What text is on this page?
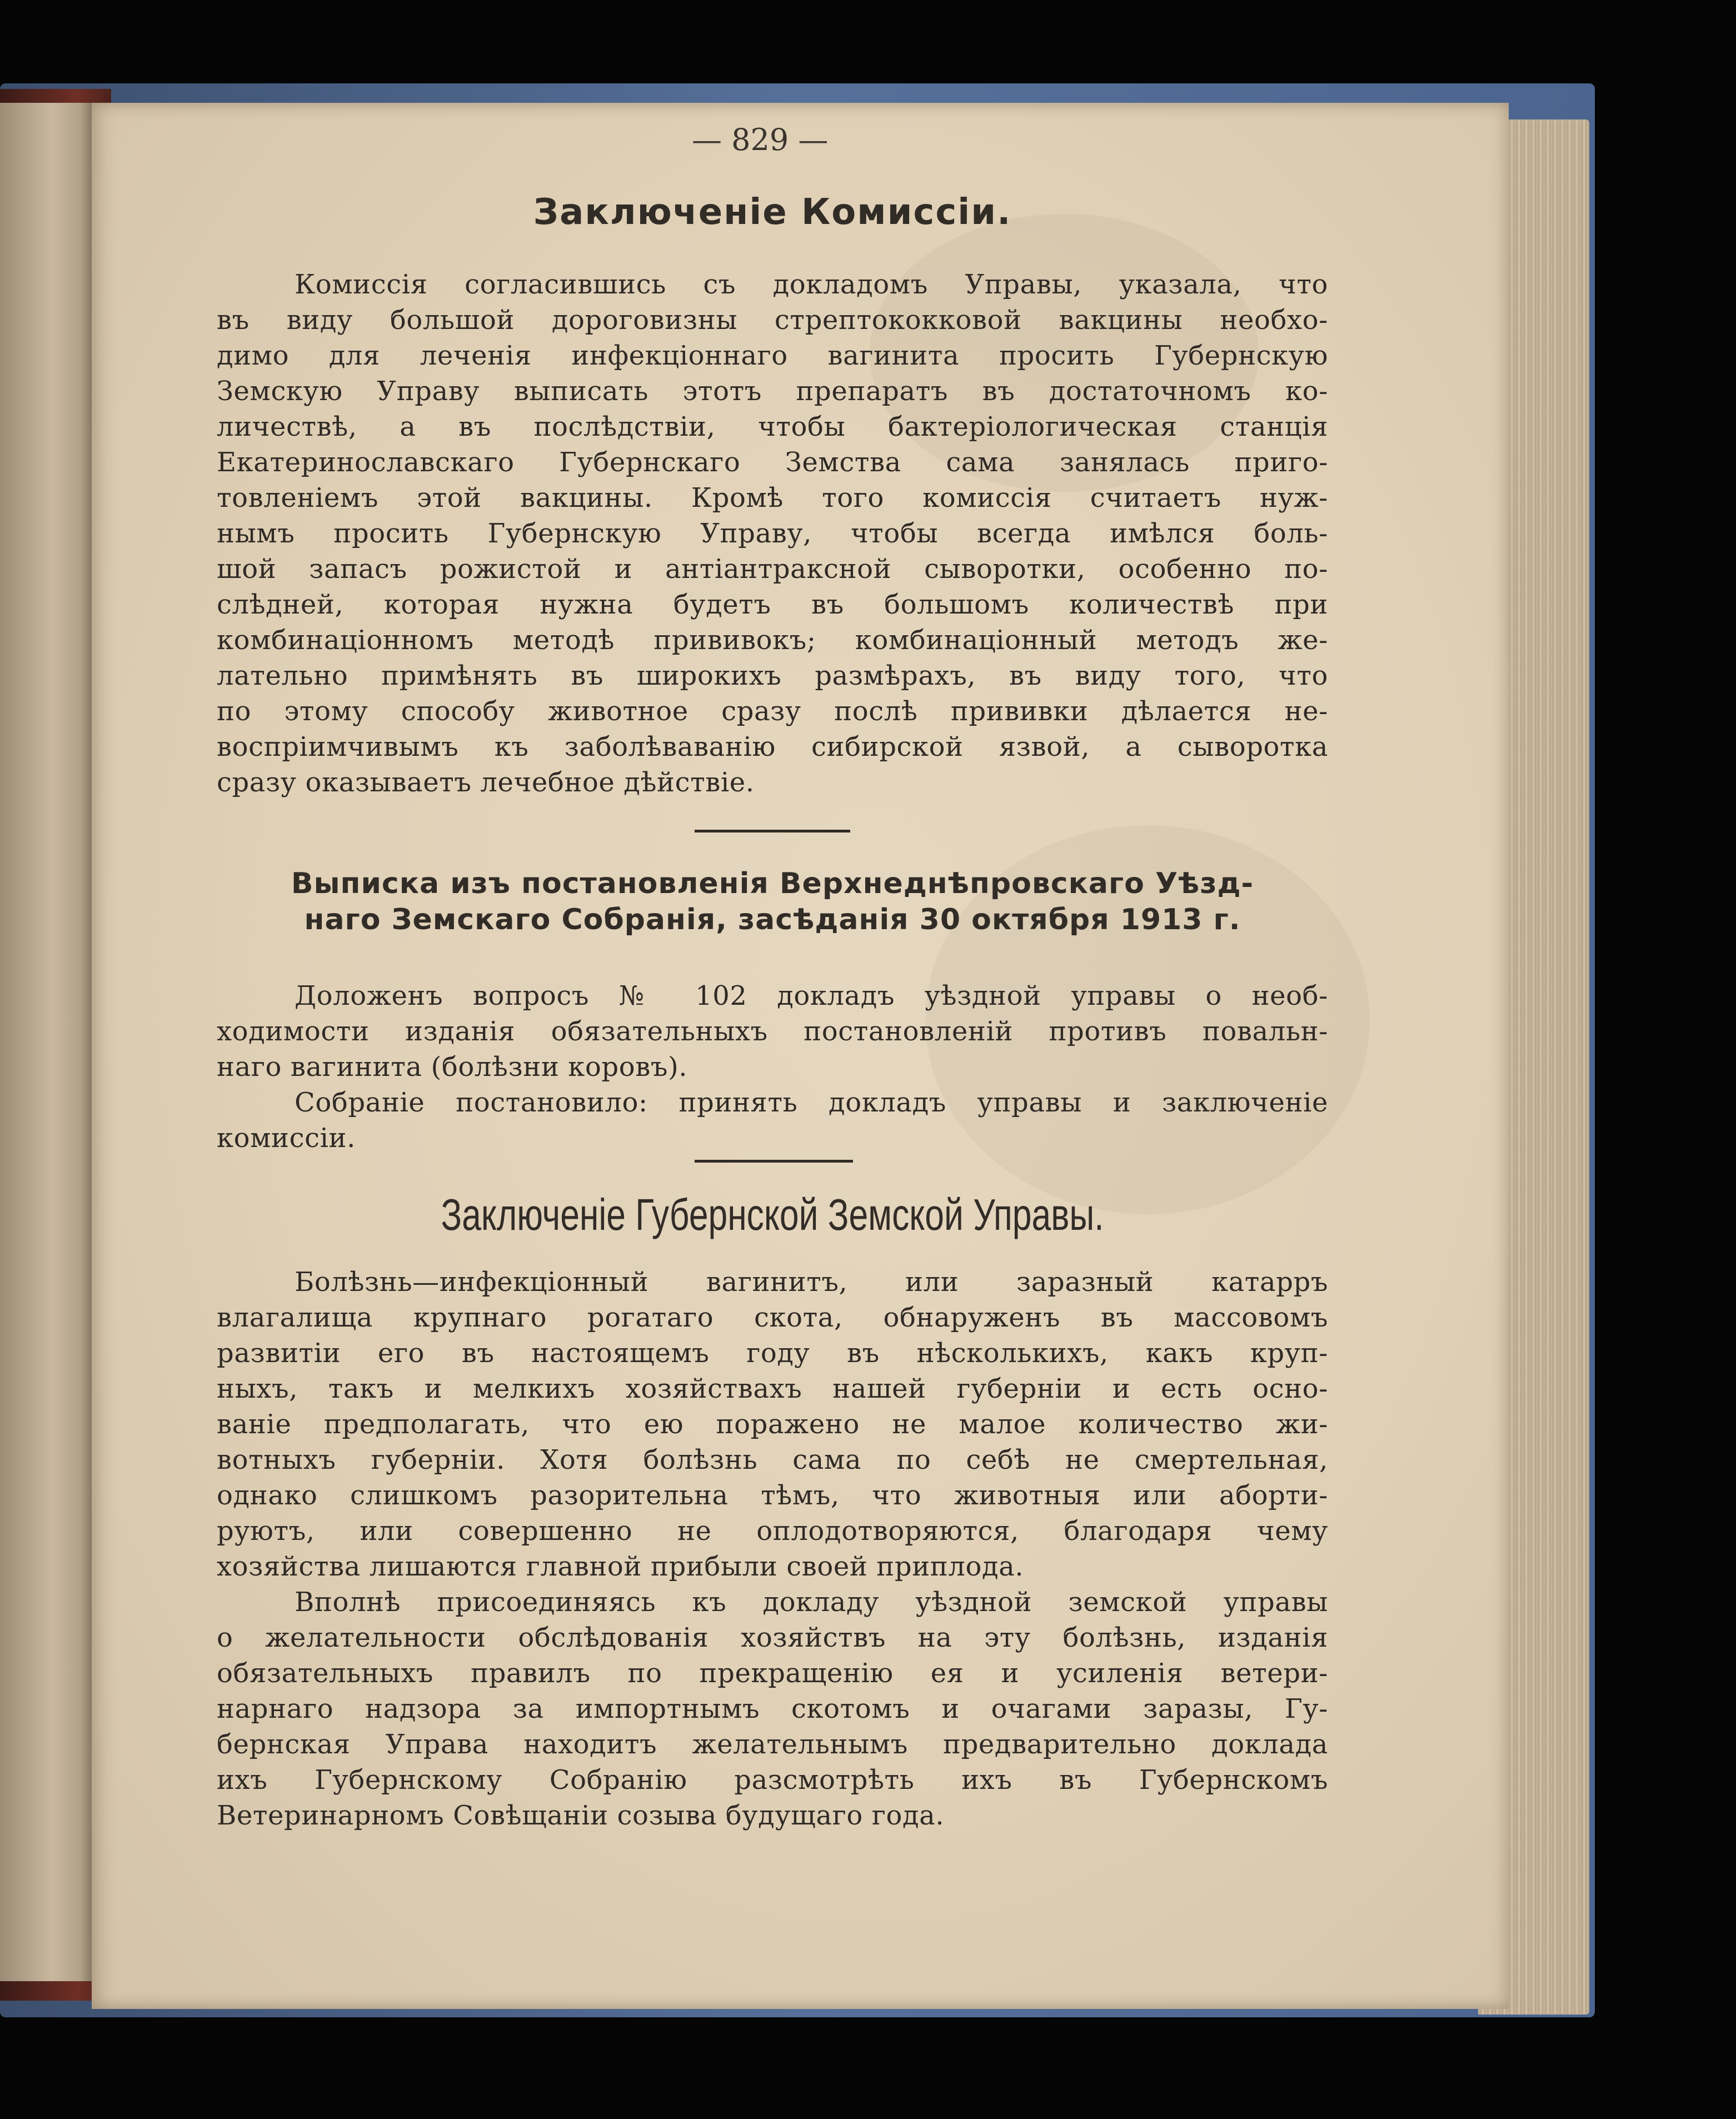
— 829 —
Заключеніе Комиссіи.
Комиссія согласившись съ докладомъ Управы, указала, что
въ виду большой дороговизны стрептококковой вакцины необхо-
димо для леченія инфекціоннаго вагинита просить Губернскую
Земскую Управу выписать этотъ препаратъ въ достаточномъ ко-
личествѣ, а въ послѣдствіи, чтобы бактеріологическая станція
Екатеринославскаго Губернскаго Земства сама занялась приго-
товленіемъ этой вакцины. Кромѣ того комиссія считаетъ нуж-
нымъ просить Губернскую Управу, чтобы всегда имѣлся боль-
шой запасъ рожистой и антіантраксной сыворотки, особенно по-
слѣдней, которая нужна будетъ въ большомъ количествѣ при
комбинаціонномъ методѣ прививокъ; комбинаціонный методъ же-
лательно примѣнять въ широкихъ размѣрахъ, въ виду того, что
по этому способу животное сразу послѣ прививки дѣлается не-
воспріимчивымъ къ заболѣваванію сибирской язвой, а сыворотка
сразу оказываетъ лечебное дѣйствіе.
Выписка изъ постановленія Верхнеднѣпровскаго Уѣзд-
наго Земскаго Собранія, засѣданія 30 октября 1913 г.
Доложенъ вопросъ № 102 докладъ уѣздной управы о необ-
ходимости изданія обязательныхъ постановленій противъ повальн-
наго вагинита (болѣзни коровъ).
Собраніе постановило: принять докладъ управы и заключеніе
комиссіи.
Заключеніе Губернской Земской Управы.
Болѣзнь—инфекціонный вагинитъ, или заразный катарръ
влагалища крупнаго рогатаго скота, обнаруженъ въ массовомъ
развитіи его въ настоящемъ году въ нѣсколькихъ, какъ круп-
ныхъ, такъ и мелкихъ хозяйствахъ нашей губерніи и есть осно-
ваніе предполагать, что ею поражено не малое количество жи-
вотныхъ губерніи. Хотя болѣзнь сама по себѣ не смертельная,
однако слишкомъ разорительна тѣмъ, что животныя или аборти-
руютъ, или совершенно не оплодотворяются, благодаря чему
хозяйства лишаются главной прибыли своей приплода.
Вполнѣ присоединяясь къ докладу уѣздной земской управы
о желательности обслѣдованія хозяйствъ на эту болѣзнь, изданія
обязательныхъ правилъ по прекращенію ея и усиленія ветери-
нарнаго надзора за импортнымъ скотомъ и очагами заразы, Гу-
бернская Управа находитъ желательнымъ предварительно доклада
ихъ Губернскому Собранію разсмотрѣть ихъ въ Губернскомъ
Ветеринарномъ Совѣщаніи созыва будущаго года.
